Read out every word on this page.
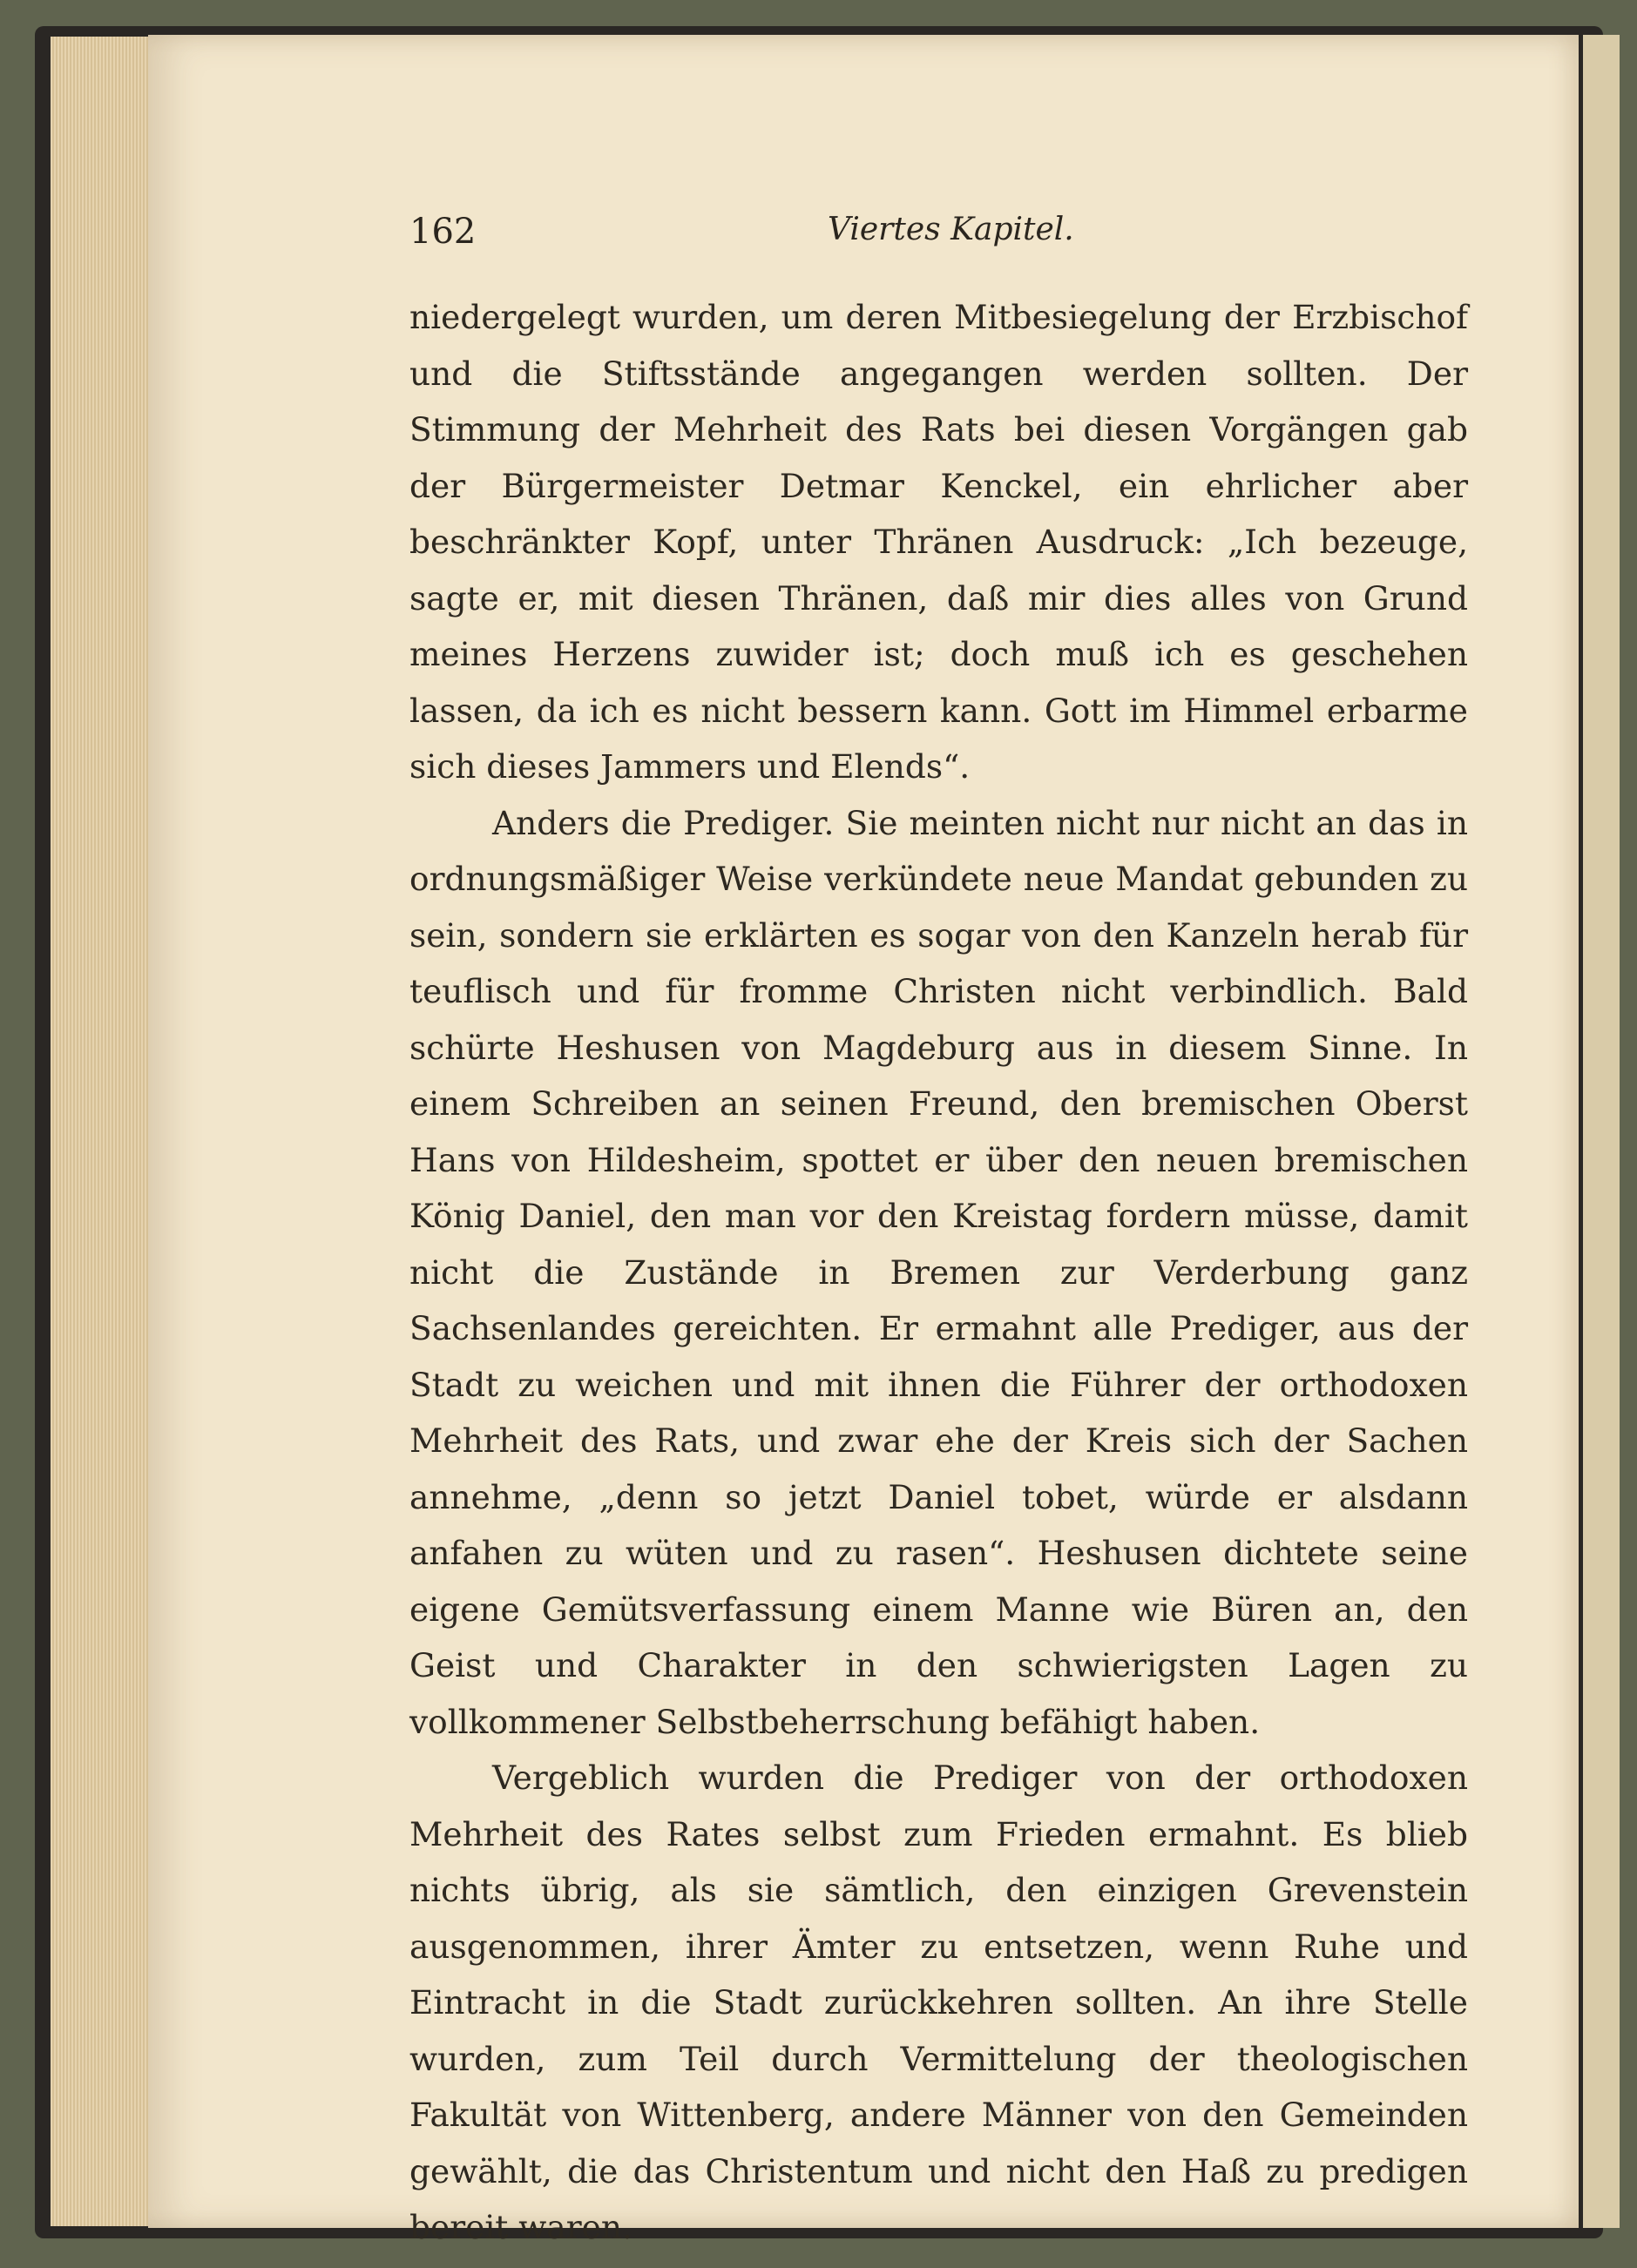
162	Viertes Kapitel.

niedergelegt wurden, um deren Mitbesiegelung der Erzbischof und die Stiftsstände angegangen werden sollten. Der Stimmung der Mehrheit des Rats bei diesen Vorgängen gab der Bürgermeister Detmar Kenckel, ein ehrlicher aber beschränkter Kopf, unter Thränen Ausdruck: „Ich bezeuge, sagte er, mit diesen Thränen, daß mir dies alles von Grund meines Herzens zuwider ist; doch muß ich es geschehen lassen, da ich es nicht bessern kann. Gott im Himmel erbarme sich dieses Jammers und Elends“.

Anders die Prediger. Sie meinten nicht nur nicht an das in ordnungsmäßiger Weise verkündete neue Mandat gebunden zu sein, sondern sie erklärten es sogar von den Kanzeln herab für teuflisch und für fromme Christen nicht verbindlich. Bald schürte Heshusen von Magdeburg aus in diesem Sinne. In einem Schreiben an seinen Freund, den bremischen Oberst Hans von Hildesheim, spottet er über den neuen bremischen König Daniel, den man vor den Kreistag fordern müsse, damit nicht die Zustände in Bremen zur Verderbung ganz Sachsenlandes gereichten. Er ermahnt alle Prediger, aus der Stadt zu weichen und mit ihnen die Führer der orthodoxen Mehrheit des Rats, und zwar ehe der Kreis sich der Sachen annehme, „denn so jetzt Daniel tobet, würde er alsdann anfahen zu wüten und zu rasen“. Heshusen dichtete seine eigene Gemütsverfassung einem Manne wie Büren an, den Geist und Charakter in den schwierigsten Lagen zu vollkommener Selbstbeherrschung befähigt haben.

Vergeblich wurden die Prediger von der orthodoxen Mehrheit des Rates selbst zum Frieden ermahnt. Es blieb nichts übrig, als sie sämtlich, den einzigen Grevenstein ausgenommen, ihrer Ämter zu entsetzen, wenn Ruhe und Eintracht in die Stadt zurückkehren sollten. An ihre Stelle wurden, zum Teil durch Vermittelung der theologischen Fakultät von Wittenberg, andere Männer von den Gemeinden gewählt, die das Christentum und nicht den Haß zu predigen bereit waren.
